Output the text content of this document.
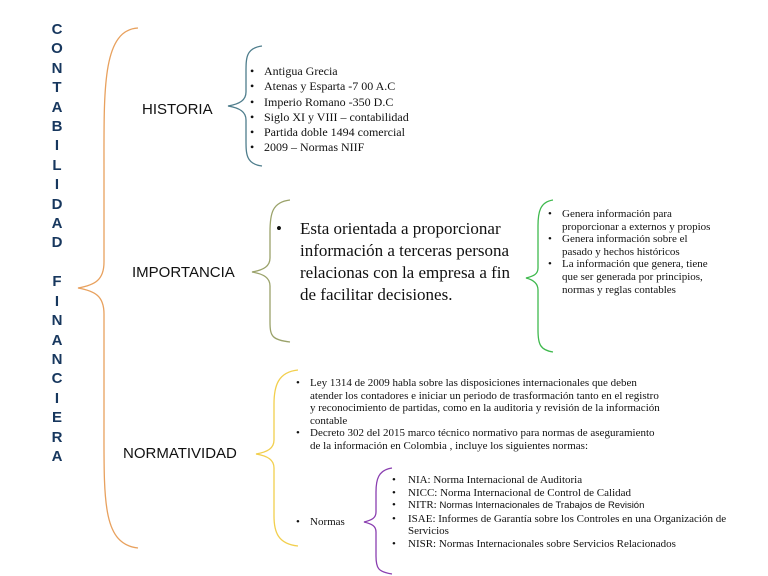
C
O
N
T
A
B
I
L
I
D
A
D

F
I
N
A
N
C
I
E
R
A
HISTORIA
IMPORTANCIA
NORMATIVIDAD
• Antigua Grecia
• Atenas y Esparta -7 00 A.C
• Imperio Romano -350 D.C
• Siglo XI y VIII – contabilidad
• Partida doble 1494 comercial
• 2009 – Normas NIIF
• Esta orientada a proporcionar información a terceras persona relacionas con la empresa a fin de facilitar decisiones.
• Genera información para proporcionar a externos y propios
• Genera información sobre el pasado y hechos históricos
• La información que genera, tiene que ser generada por principios, normas y reglas contables
• Ley 1314 de 2009 habla sobre las disposiciones internacionales que deben atender los contadores e iniciar un periodo de trasformación tanto en el registro y reconocimiento de partidas, como en la auditoria y revisión de la información contable
• Decreto 302 del 2015 marco técnico normativo para normas de aseguramiento de la información en Colombia , incluye los siguientes normas:
• Normas
• NIA: Norma Internacional de Auditoria
• NICC: Norma Internacional de Control de Calidad
• NITR: Normas Internacionales de Trabajos de Revisión
• ISAE: Informes de Garantía sobre los Controles en una Organización de Servicios
• NISR: Normas Internacionales sobre Servicios Relacionados
